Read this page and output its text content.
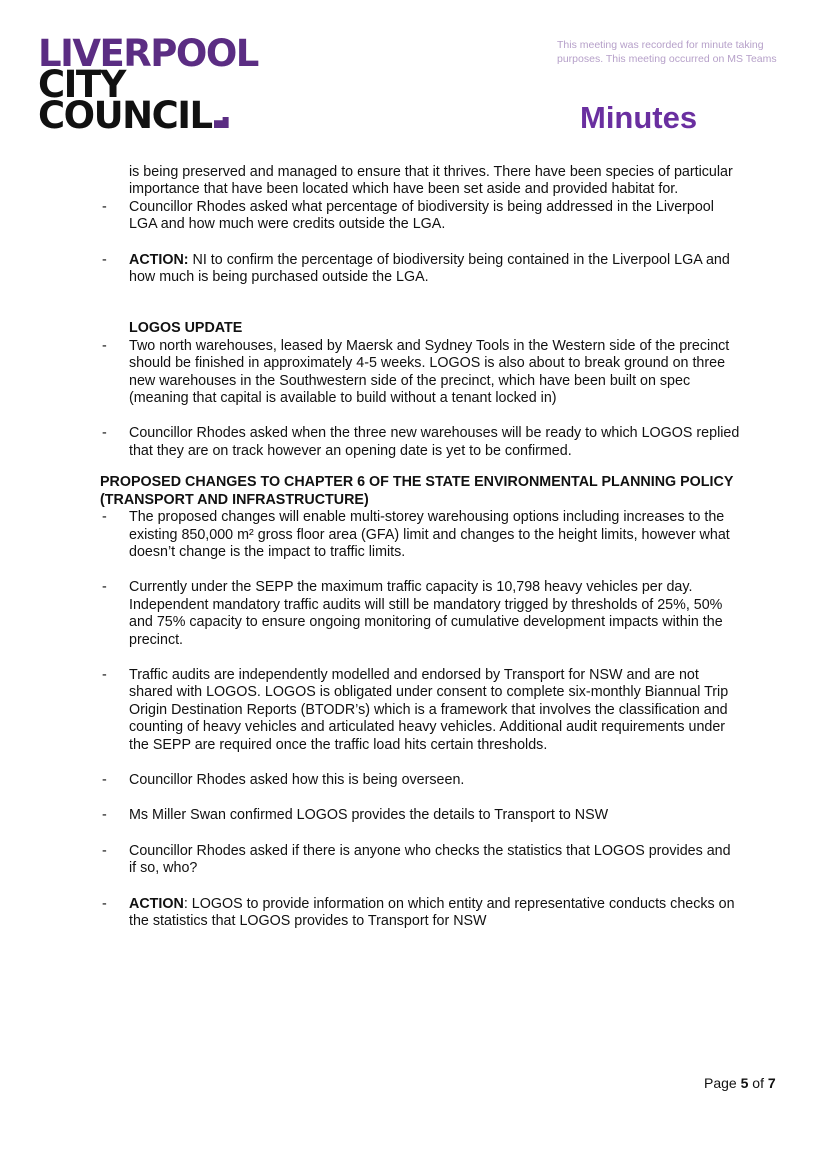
LIVERPOOL
CITY
COUNCIL
This meeting was recorded for minute taking purposes. This meeting occurred on MS Teams
Minutes

is being preserved and managed to ensure that it thrives. There have been species of particular importance that have been located which have been set aside and provided habitat for.

- Councillor Rhodes asked what percentage of biodiversity is being addressed in the Liverpool LGA and how much were credits outside the LGA.
- ACTION: NI to confirm the percentage of biodiversity being contained in the Liverpool LGA and how much is being purchased outside the LGA.

LOGOS UPDATE

- Two north warehouses, leased by Maersk and Sydney Tools in the Western side of the precinct should be finished in approximately 4-5 weeks. LOGOS is also about to break ground on three new warehouses in the Southwestern side of the precinct, which have been built on spec (meaning that capital is available to build without a tenant locked in)
- Councillor Rhodes asked when the three new warehouses will be ready to which LOGOS replied that they are on track however an opening date is yet to be confirmed.

PROPOSED CHANGES TO CHAPTER 6 OF THE STATE ENVIRONMENTAL PLANNING POLICY (TRANSPORT AND INFRASTRUCTURE)

- The proposed changes will enable multi-storey warehousing options including increases to the existing 850,000 m² gross floor area (GFA) limit and changes to the height limits, however what doesn’t change is the impact to traffic limits.
- Currently under the SEPP the maximum traffic capacity is 10,798 heavy vehicles per day. Independent mandatory traffic audits will still be mandatory trigged by thresholds of 25%, 50% and 75% capacity to ensure ongoing monitoring of cumulative development impacts within the precinct.
- Traffic audits are independently modelled and endorsed by Transport for NSW and are not shared with LOGOS. LOGOS is obligated under consent to complete six-monthly Biannual Trip Origin Destination Reports (BTODR’s) which is a framework that involves the classification and counting of heavy vehicles and articulated heavy vehicles. Additional audit requirements under the SEPP are required once the traffic load hits certain thresholds.
- Councillor Rhodes asked how this is being overseen.
- Ms Miller Swan confirmed LOGOS provides the details to Transport to NSW
- Councillor Rhodes asked if there is anyone who checks the statistics that LOGOS provides and if so, who?
- ACTION: LOGOS to provide information on which entity and representative conducts checks on the statistics that LOGOS provides to Transport for NSW
Page 5 of 7
